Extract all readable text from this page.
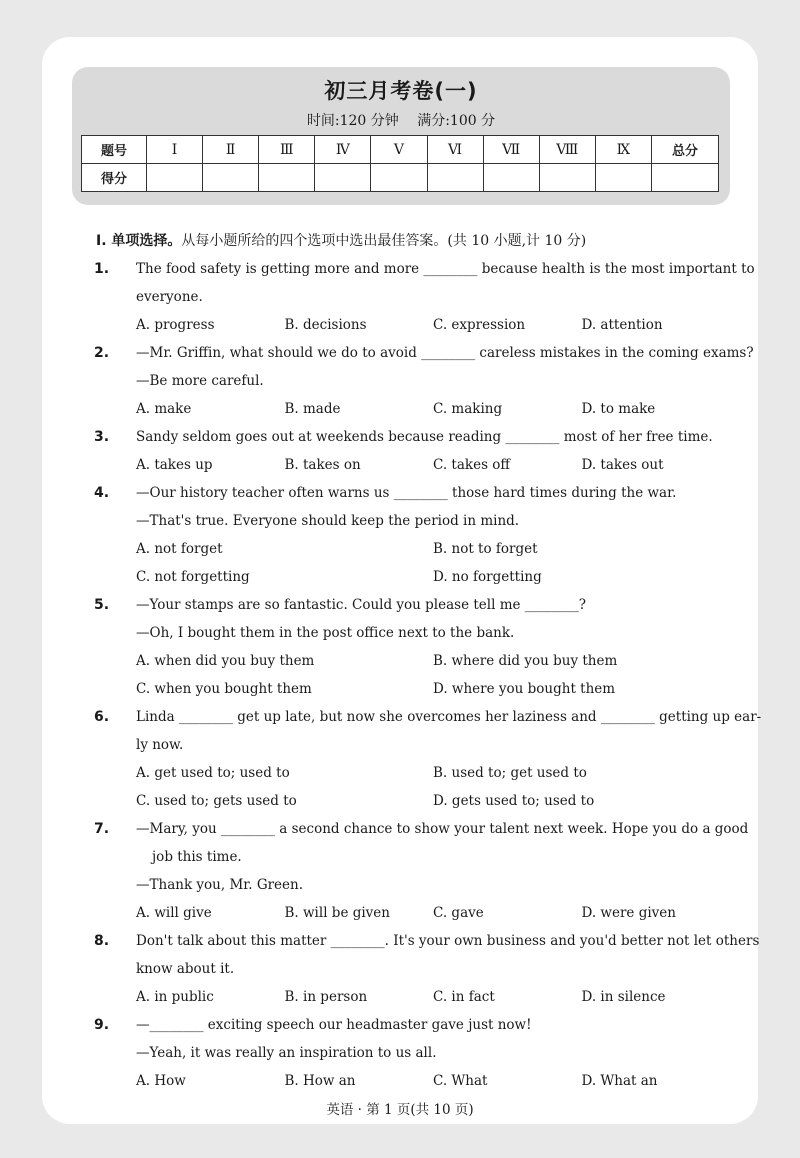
初三月考卷(一)
时间:120 分钟 满分:100 分
题号	Ⅰ	Ⅱ	Ⅲ	Ⅳ	Ⅴ	Ⅵ	Ⅶ	Ⅷ	Ⅸ	总分
得分										
Ⅰ. 单项选择。从每小题所给的四个选项中选出最佳答案。(共 10 小题,计 10 分)
1. The food safety is getting more and more ________ because health is the most important to
everyone.
A. progress	B. decisions	C. expression	D. attention
2. —Mr. Griffin, what should we do to avoid ________ careless mistakes in the coming exams?
—Be more careful.
A. make	B. made	C. making	D. to make
3. Sandy seldom goes out at weekends because reading ________ most of her free time.
A. takes up	B. takes on	C. takes off	D. takes out
4. —Our history teacher often warns us ________ those hard times during the war.
—That's true. Everyone should keep the period in mind.
A. not forget	B. not to forget
C. not forgetting	D. no forgetting
5. —Your stamps are so fantastic. Could you please tell me ________?
—Oh, I bought them in the post office next to the bank.
A. when did you buy them	B. where did you buy them
C. when you bought them	D. where you bought them
6. Linda ________ get up late, but now she overcomes her laziness and ________ getting up ear-
ly now.
A. get used to; used to	B. used to; get used to
C. used to; gets used to	D. gets used to; used to
7. —Mary, you ________ a second chance to show your talent next week. Hope you do a good
job this time.
—Thank you, Mr. Green.
A. will give	B. will be given	C. gave	D. were given
8. Don't talk about this matter ________. It's your own business and you'd better not let others
know about it.
A. in public	B. in person	C. in fact	D. in silence
9. —________ exciting speech our headmaster gave just now!
—Yeah, it was really an inspiration to us all.
A. How	B. How an	C. What	D. What an
英语 · 第 1 页(共 10 页)
